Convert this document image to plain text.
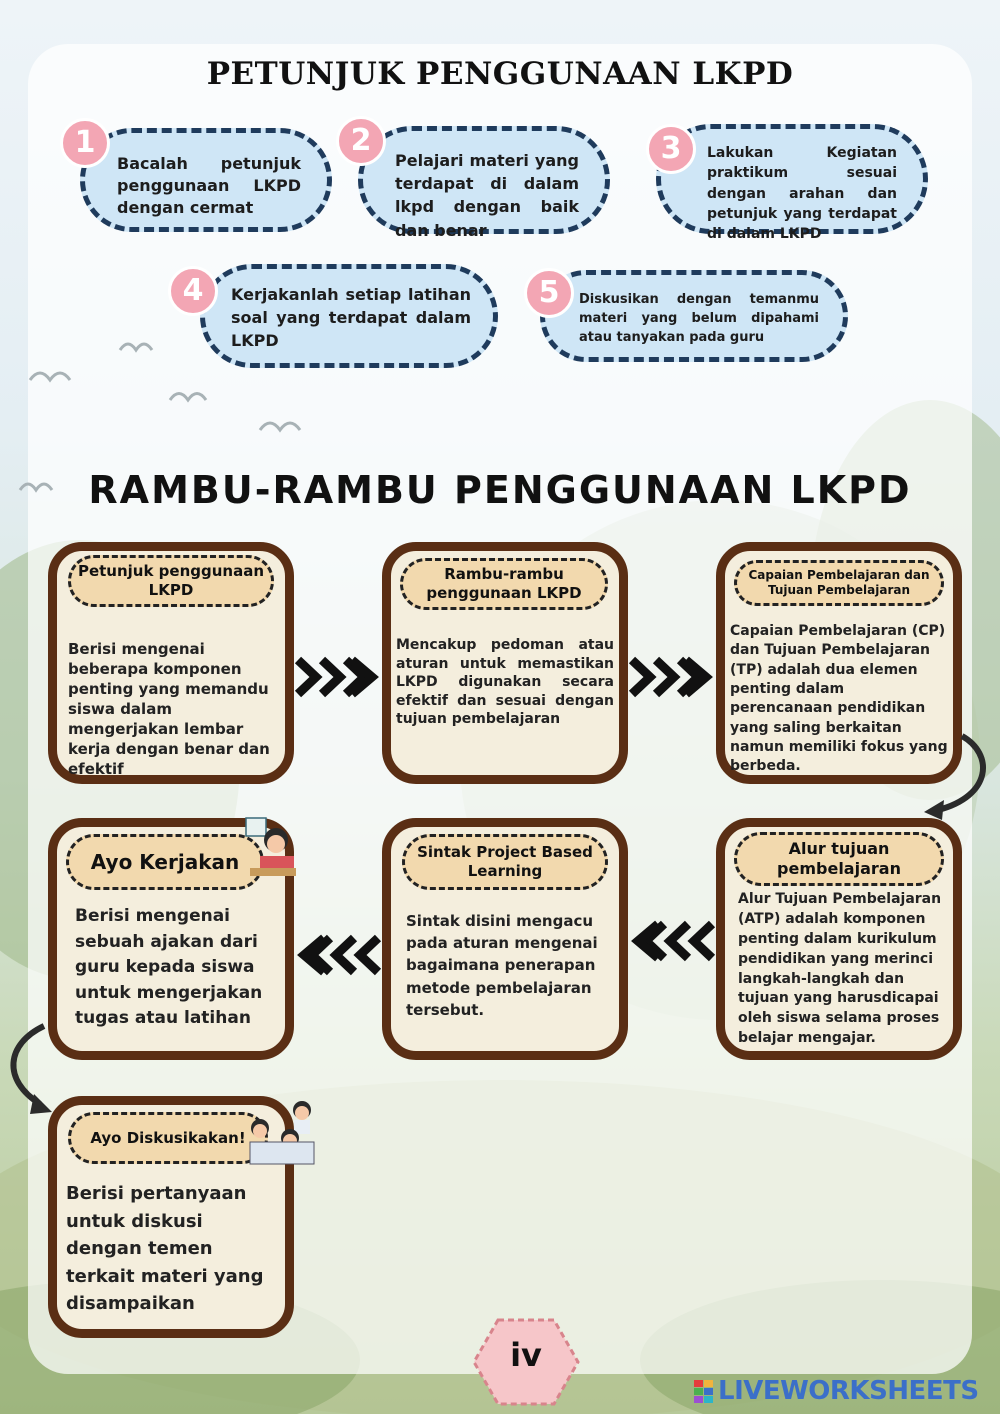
PETUNJUK PENGGUNAAN LKPD
Bacalah petunjuk penggunaan LKPD dengan cermat
1
Pelajari materi yang terdapat di dalam lkpd dengan baik dan benar
2	Lakukan Kegiatan praktikum sesuai dengan arahan dan petunjuk yang terdapat di dalam LKPD
3
Kerjakanlah setiap latihan soal yang terdapat dalam LKPD
4	Diskusikan dengan temanmu materi yang belum dipahami atau tanyakan pada guru
5
RAMBU-RAMBU PENGGUNAAN LKPD
Petunjuk penggunaan LKPD
Berisi mengenai beberapa komponen penting yang memandu siswa dalam mengerjakan lembar kerja dengan benar dan efektif
Rambu-rambu penggunaan LKPD
Mencakup pedoman atau aturan untuk memastikan LKPD digunakan secara efektif dan sesuai dengan tujuan pembelajaran
Capaian Pembelajaran dan Tujuan Pembelajaran
Capaian Pembelajaran (CP) dan Tujuan Pembelajaran (TP) adalah dua elemen penting dalam perencanaan pendidikan yang saling berkaitan namun memiliki fokus yang berbeda.
Ayo Kerjakan
Berisi mengenai sebuah ajakan dari guru kepada siswa untuk mengerjakan tugas atau latihan
Sintak Project Based Learning
Sintak disini mengacu pada aturan mengenai bagaimana penerapan metode pembelajaran tersebut.
Alur tujuan pembelajaran
Alur Tujuan Pembelajaran (ATP) adalah komponen penting dalam kurikulum pendidikan yang merinci langkah-langkah dan tujuan yang harusdicapai oleh siswa selama proses belajar mengajar.
Ayo Diskusikakan!
Berisi pertanyaan untuk diskusi dengan temen terkait materi yang disampaikan
iv
LIVEWORKSHEETS
